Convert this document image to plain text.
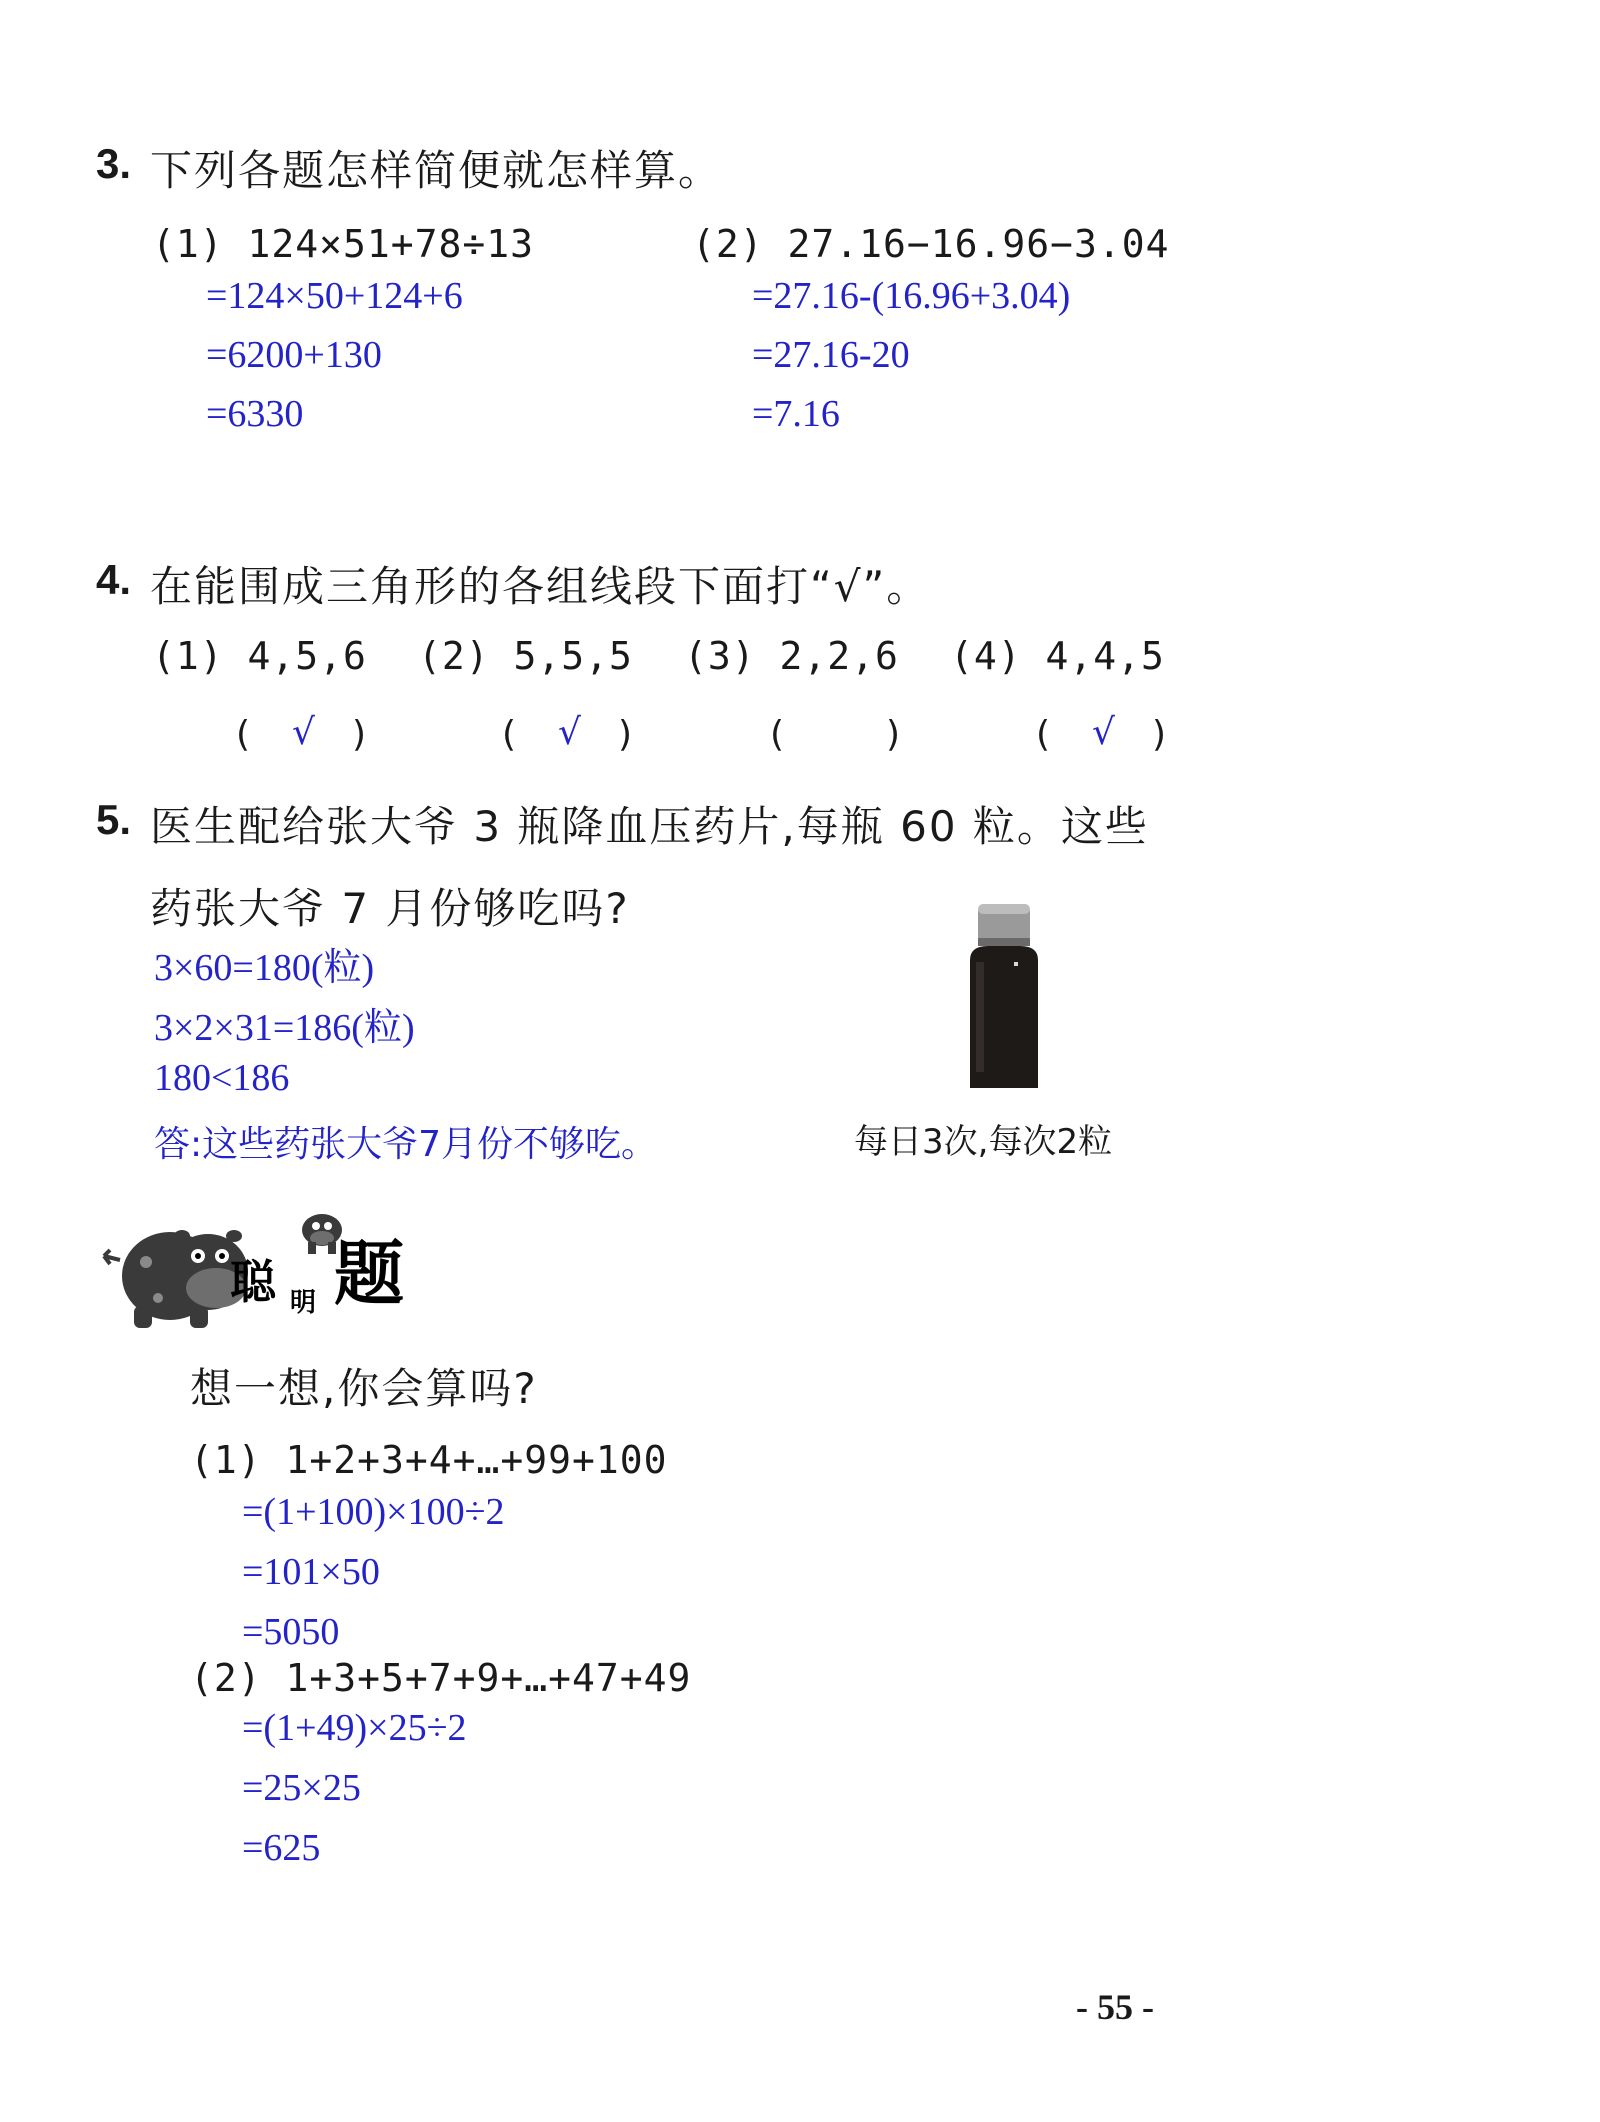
3. 下列各题怎样简便就怎样算。
(1) 124×51+78÷13
=124×50+124+6
=6200+130
=6330
(2) 27.16−16.96−3.04
=27.16-(16.96+3.04)
=27.16-20
=7.16
4. 在能围成三角形的各组线段下面打“√”。
(1) 4,5,6 (2) 5,5,5 (3) 2,2,6 (4) 4,4,5
( √ )	( √ )	(	)	( √ )
5. 医生配给张大爷 3 瓶降血压药片,每瓶 60 粒。这些
药张大爷 7 月份够吃吗?
3×60=180(粒)
3×2×31=186(粒)
180<186
答:这些药张大爷7月份不够吃。	每日3次,每次2粒
聪 明 题
想一想,你会算吗?
(1) 1+2+3+4+…+99+100
=(1+100)×100÷2
=101×50
=5050
(2) 1+3+5+7+9+…+47+49
=(1+49)×25÷2
=25×25
=625
- 55 -
